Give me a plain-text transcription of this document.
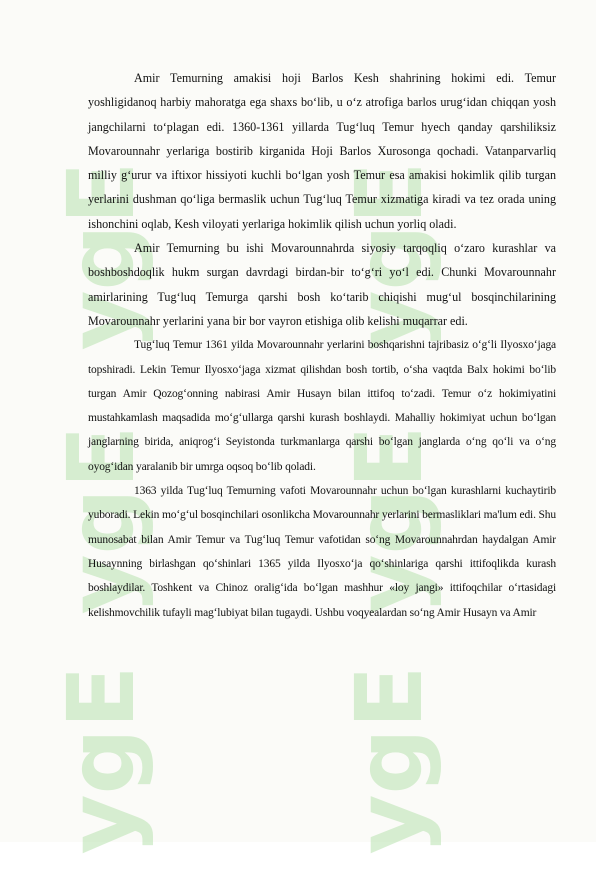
ygE ygE
ygE ygE
ygE ygE

Amir Temurning amakisi hoji Barlos Kesh shahrining hokimi edi. Temur yoshligidanoq harbiy mahoratga ega shaxs bo‘lib, u o‘z atrofiga barlos urug‘idan chiqqan yosh jangchilarni to‘plagan edi. 1360-1361 yillarda Tug‘luq Temur hyech qanday qarshiliksiz Movarounnahr yerlariga bostirib kirganida Hoji Barlos Xurosonga qochadi. Vatanparvarliq milliy g‘urur va iftixor hissiyoti kuchli bo‘lgan yosh Temur esa amakisi hokimlik qilib turgan yerlarini dushman qo‘liga bermaslik uchun Tug‘luq Temur xizmatiga kiradi va tez orada uning ishonchini oqlab, Kesh viloyati yerlariga hokimlik qilish uchun yorliq oladi.

Amir Temurning bu ishi Movarounnahrda siyosiy tarqoqliq o‘zaro kurashlar va boshboshdoqlik hukm surgan davrdagi birdan-bir to‘g‘ri yo‘l edi. Chunki Movarounnahr amirlarining Tug‘luq Temurga qarshi bosh ko‘tarib chiqishi mug‘ul bosqinchilarining Movarounnahr yerlarini yana bir bor vayron etishiga olib kelishi muqarrar edi.

Tug‘luq Temur 1361 yilda Movarounnahr yerlarini boshqarishni tajribasiz o‘g‘li Ilyosxo‘jaga topshiradi. Lekin Temur Ilyosxo‘jaga xizmat qilishdan bosh tortib, o‘sha vaqtda Balx hokimi bo‘lib turgan Amir Qozog‘onning nabirasi Amir Husayn bilan ittifoq to‘zadi. Temur o‘z hokimiyatini mustahkamlash maqsadida mo‘g‘ullarga qarshi kurash boshlaydi. Mahalliy hokimiyat uchun bo‘lgan janglarning birida, aniqrog‘i Seyistonda turkmanlarga qarshi bo‘lgan janglarda o‘ng qo‘li va o‘ng oyog‘idan yaralanib bir umrga oqsoq bo‘lib qoladi.

1363 yilda Tug‘luq Temurning vafoti Movarounnahr uchun bo‘lgan kurashlarni kuchaytirib yuboradi. Lekin mo‘g‘ul bosqinchilari osonlikcha Movarounnahr yerlarini bermasliklari ma'lum edi. Shu munosabat bilan Amir Temur va Tug‘luq Temur vafotidan so‘ng Movarounnahrdan haydalgan Amir Husaynning birlashgan qo‘shinlari 1365 yilda Ilyosxo‘ja qo‘shinlariga qarshi ittifoqlikda kurash boshlaydilar. Toshkent va Chinoz oralig‘ida bo‘lgan mashhur «loy jangi» ittifoqchilar o‘rtasidagi kelishmovchilik tufayli mag‘lubiyat bilan tugaydi. Ushbu voqyealardan so‘ng Amir Husayn va Amir
